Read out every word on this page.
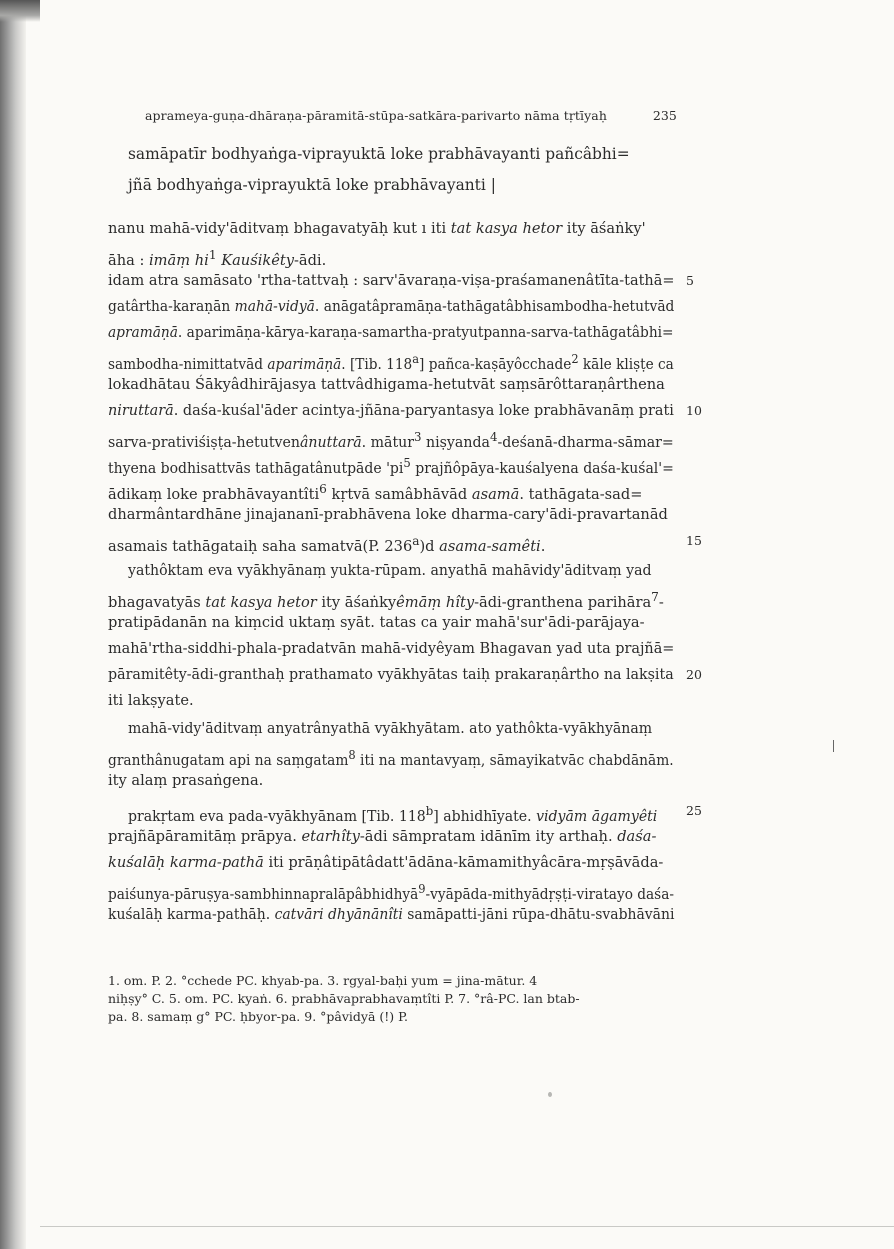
aprameya-guṇa-dhāraṇa-pāramitā-stūpa-satkāra-parivarto nāma tṛtīyaḥ	235
samāpatīr bodhyaṅga-viprayuktā loke prabhāvayanti pañcâbhi=
jñā bodhyaṅga-viprayuktā loke prabhāvayanti |
nanu mahā-vidy'āditvaṃ bhagavatyāḥ kut ı iti tat kasya hetor ity āśaṅky'
āha : imāṃ $hi^1$ Kauśikêty-ādi.
idam atra samāsato 'rtha-tattvaḥ : sarv'āvaraṇa-viṣa-praśamanenâtīta-tathā=
gatârtha-karaṇān mahā-vidyā. anāgatâpramāṇa-tathāgatâbhisambodha-hetutvād
apramāṇā. aparimāṇa-kārya-karaṇa-samartha-pratyutpanna-sarva-tathāgatâbhi=
sambodha-nimittatvād aparimāṇā. [Tib. 118$^a$] pañca-kaṣāyôcchade$^2$ kāle kliṣṭe ca
lokadhātau Śākyâdhirājasya tattvâdhigama-hetutvāt saṃsārôttaraṇârthena
niruttarā. daśa-kuśal'āder acintya-jñāna-paryantasya loke prabhāvanāṃ prati
sarva-prativiśiṣṭa-hetutvenânuttarā. mātur$^3$ niṣyanda$^4$-deśanā-dharma-sāmar=
thyena bodhisattvās tathāgatânutpāde '$pi^5$ prajñôpāya-kauśalyena daśa-kuśal'=
ādikaṃ loke prabhāvayantîti$^6$ kṛtvā samâbhāvād asamā. tathāgata-sad=
dharmântardhāne jinajananī-prabhāvena loke dharma-cary'ādi-pravartanād
asamais tathāgataiḥ saha samatvā(P. 236$^a$)d asama-samêti.
yathôktam eva vyākhyānaṃ yukta-rūpam. anyathā mahāvidy'āditvaṃ yad
bhagavatyās tat kasya hetor ity āśaṅkyêmāṃ hîty-ādi-granthena parihāra$^7$-
pratipādanān na kiṃcid uktaṃ syāt. tatas ca yair mahā'sur'ādi-parājaya-
mahā'rtha-siddhi-phala-pradatvān mahā-vidyêyam Bhagavan yad uta prajñā=
pāramitêty-ādi-granthaḥ prathamato vyākhyātas taiḥ prakaraṇârtho na lakṣita
iti lakṣyate.
mahā-vidy'āditvaṃ anyatrânyathā vyākhyātam. ato yathôkta-vyākhyānaṃ
granthânugatam api na saṃgatam$^8$ iti na mantavyaṃ, sāmayikatvāc chabdānām.
ity alaṃ prasaṅgena.
prakṛtam eva pada-vyākhyānam [Tib. 118$^b$] abhidhīyate. vidyām āgamyêti
prajñāpāramitāṃ prāpya. etarhîty-ādi sāmpratam idānīm ity arthaḥ. daśa-
kuśalāḥ karma-pathā iti prāṇâtipātâdatt'ādāna-kāmamithyâcāra-mṛṣāvāda-
paiśunya-pāruṣya-sambhinnapralāpâbhidhyā$^9$-vyāpāda-mithyādṛṣṭi-viratayo daśa-
kuśalāḥ karma-pathāḥ. catvāri dhyānānîti samāpatti-jāni rūpa-dhātu-svabhāvāni
5
10
15
20
25
1. om. P. 2. °cchede PC. khyab-pa. 3. rgyal-baḥi yum = jina-mātur. 4
niḥṣy° C. 5. om. PC. kyaṅ. 6. prabhāvaprabhavaṃtîti P. 7. °râ-PC. lan btab-
pa. 8. samaṃ g° PC. ḥbyor-pa. 9. °pâvidyā (!) P.
